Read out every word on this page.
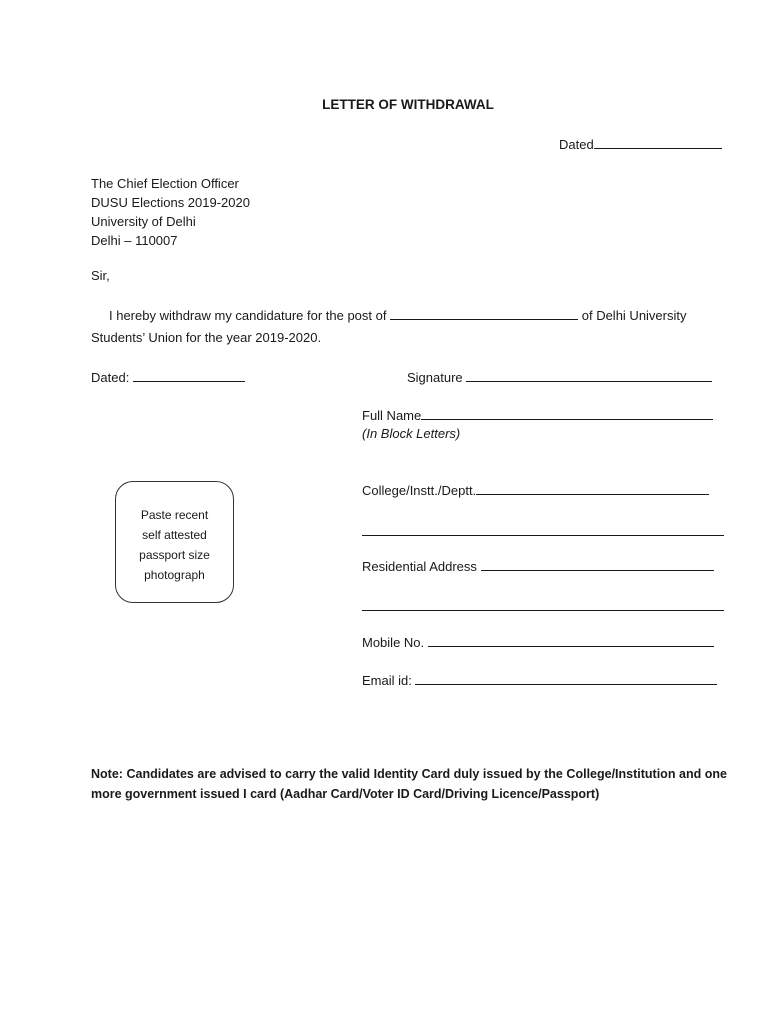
LETTER OF WITHDRAWAL
Dated
The Chief Election Officer
DUSU Elections 2019-2020
University of Delhi
Delhi – 110007
Sir,
I hereby withdraw my candidature for the post of	of Delhi University
Students’ Union for the year 2019-2020.
Dated:	Signature
Full Name
(In Block Letters)
College/Instt./Deptt.
Residential Address
Mobile No.
Email id:
Paste recent
self attested
passport size
photograph
Note: Candidates are advised to carry the valid Identity Card duly issued by the College/Institution and one more government issued I card (Aadhar Card/Voter ID Card/Driving Licence/Passport)
